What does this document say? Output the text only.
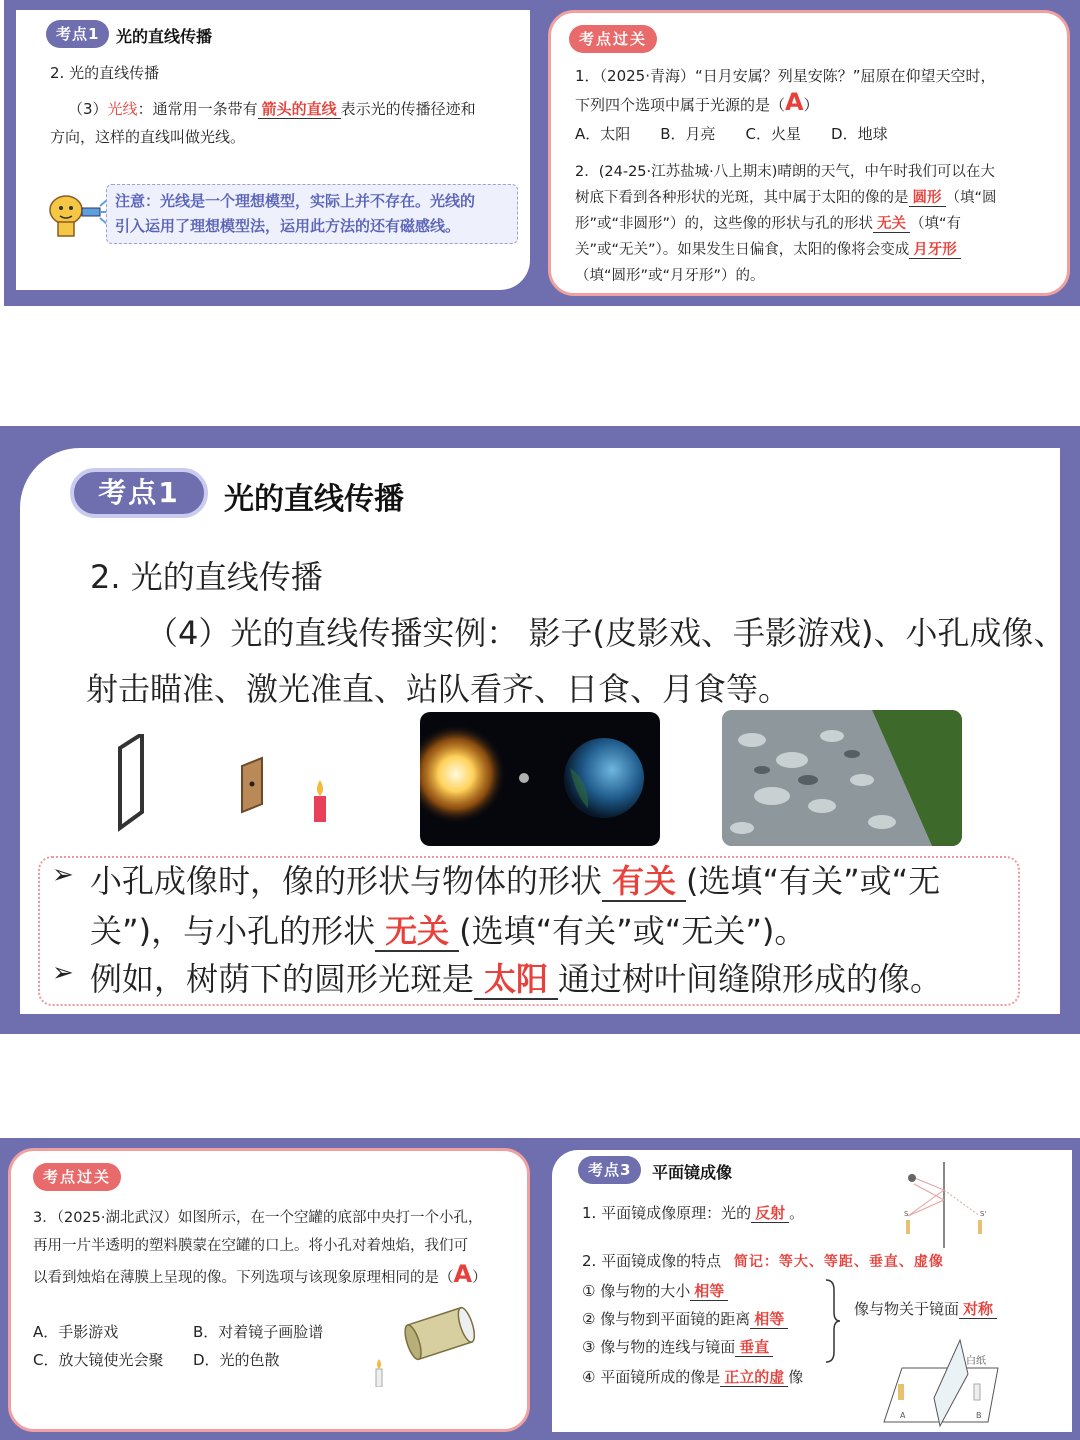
考点1	光的直线传播
2. 光的直线传播
（3）光线：通常用一条带有 箭头的直线 表示光的传播径迹和
方向，这样的直线叫做光线。
注意：光线是一个理想模型，实际上并不存在。光线的
引入运用了理想模型法，运用此方法的还有磁感线。
考点过关
1．（2025·青海）“日月安属？列星安陈？”屈原在仰望天空时，
下列四个选项中属于光源的是（A）
A．太阳　　B．月亮　　C．火星　　D．地球
2．(24-25·江苏盐城·八上期末)晴朗的天气，中午时我们可以在大
树底下看到各种形状的光斑，其中属于太阳的像的是 圆形 （填“圆
形”或“非圆形”）的，这些像的形状与孔的形状 无关 （填“有
关”或“无关”）。如果发生日偏食，太阳的像将会变成 月牙形
（填“圆形”或“月牙形”）的。
考点1	光的直线传播
2. 光的直线传播
（4）光的直线传播实例： 影子(皮影戏、手影游戏)、小孔成像、
射击瞄准、激光准直、站队看齐、日食、月食等。
➢ 小孔成像时，像的形状与物体的形状 有关 (选填“有关”或“无
关”)，与小孔的形状 无关 (选填“有关”或“无关”)。
➢ 例如，树荫下的圆形光斑是 太阳 通过树叶间缝隙形成的像。
考点过关
3．（2025·湖北武汉）如图所示，在一个空罐的底部中央打一个小孔，
再用一片半透明的塑料膜蒙在空罐的口上。将小孔对着烛焰，我们可
以看到烛焰在薄膜上呈现的像。下列选项与该现象原理相同的是（A）
A．手影游戏	B．对着镜子画脸谱
C．放大镜使光会聚 D．光的色散
考点3	平面镜成像
1. 平面镜成像原理：光的 反射 。
2. 平面镜成像的特点 简记：等大、等距、垂直、虚像
① 像与物的大小 相等
② 像与物到平面镜的距离 相等
③ 像与物的连线与镜面 垂直
④ 平面镜所成的像是 正立的虚 像
像与物关于镜面 对称
S	S'
白纸
A	B
